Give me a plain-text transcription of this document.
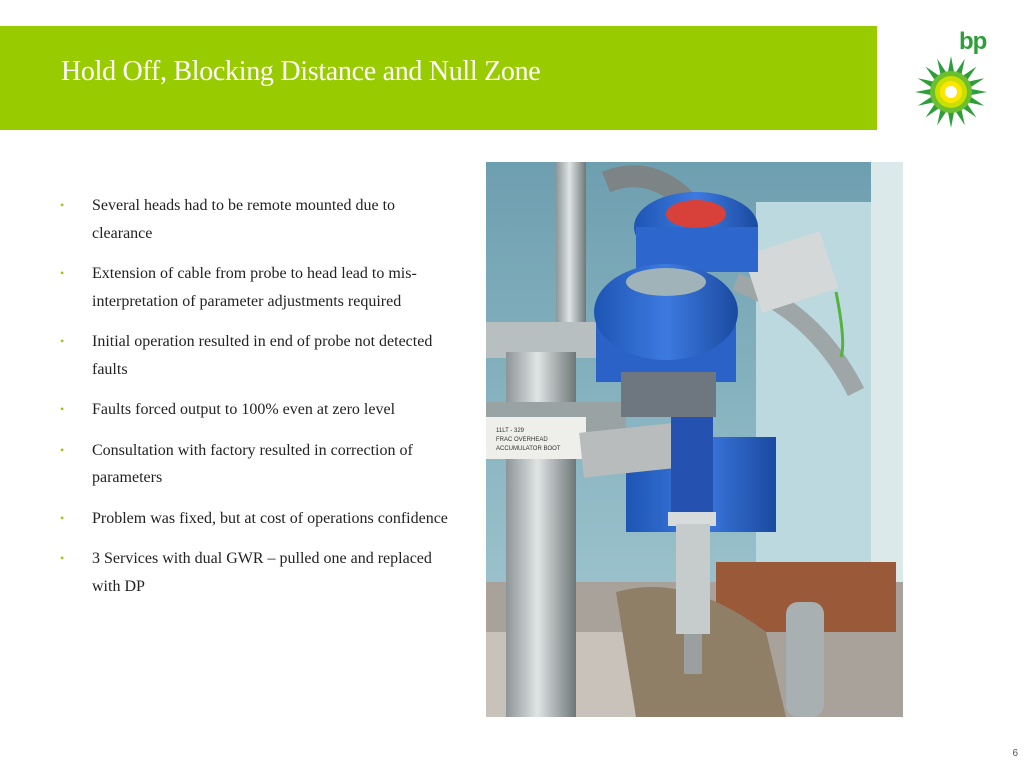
Hold Off, Blocking Distance and Null Zone
bp
• Several heads had to be remote mounted due to clearance
• Extension of cable from probe to head lead to mis-interpretation of parameter adjustments required
• Initial operation resulted in end of probe not detected faults
• Faults forced output to 100% even at zero level
• Consultation with factory resulted in correction of parameters
• Problem was fixed, but at cost of operations confidence
• 3 Services with dual GWR – pulled one and replaced with DP
11LT - 329
FRAC OVERHEAD
ACCUMULATOR BOOT
6
